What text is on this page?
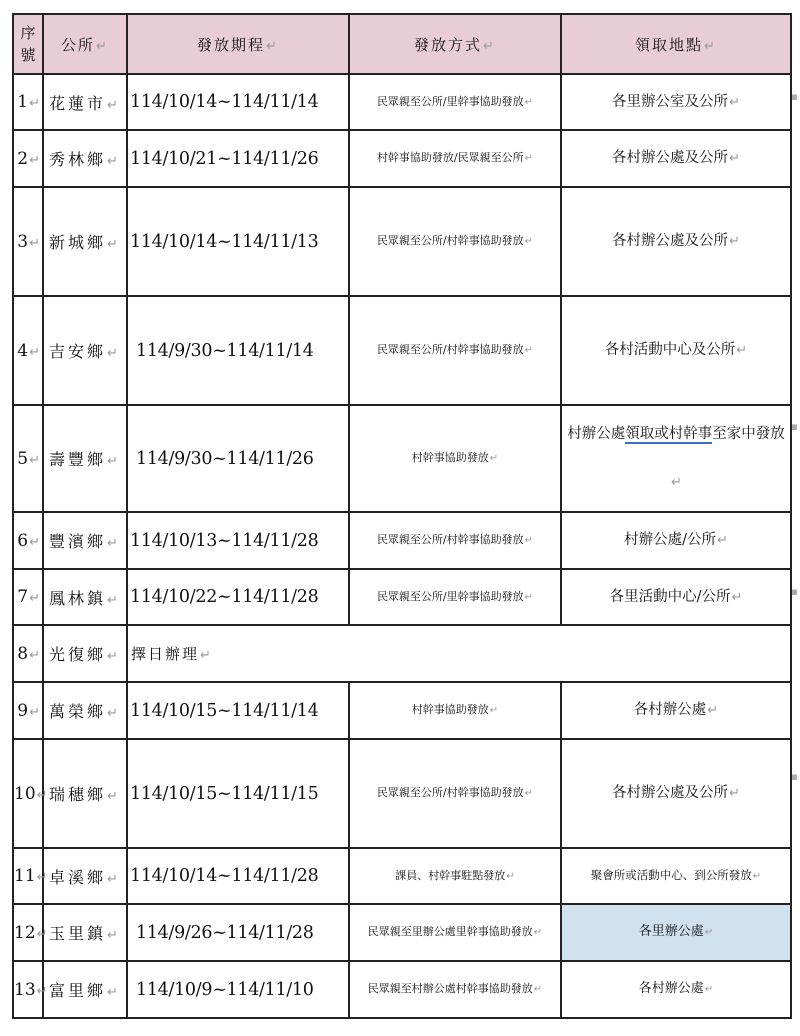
▪
▪
▪
▪
序號	公所↵	發放期程↵	發放方式↵	領取地點↵
1↵	花蓮市↵	114/10/14~114/11/14	民眾親至公所/里幹事協助發放↵	各里辦公室及公所↵
2↵	秀林鄉↵	114/10/21~114/11/26	村幹事協助發放/民眾親至公所↵	各村辦公處及公所↵
3↵	新城鄉↵	114/10/14~114/11/13	民眾親至公所/村幹事協助發放↵	各村辦公處及公所↵
4↵	吉安鄉↵	114/9/30~114/11/14	民眾親至公所/村幹事協助發放↵	各村活動中心及公所↵
5↵	壽豐鄉↵	114/9/30~114/11/26	村幹事協助發放↵	村辦公處領取或村幹事至家中發放↵
6↵	豐濱鄉↵	114/10/13~114/11/28	民眾親至公所/村幹事協助發放↵	村辦公處/公所↵
7↵	鳳林鎮↵	114/10/22~114/11/28	民眾親至公所/里幹事協助發放↵	各里活動中心/公所↵
8↵	光復鄉↵	擇日辦理↵		
9↵	萬榮鄉↵	114/10/15~114/11/14	村幹事協助發放↵	各村辦公處↵
10↵	瑞穗鄉↵	114/10/15~114/11/15	民眾親至公所/村幹事協助發放↵	各村辦公處及公所↵
11↵	卓溪鄉↵	114/10/14~114/11/28	課員、村幹事駐點發放↵	聚會所或活動中心、到公所發放↵
12↵	玉里鎮↵	114/9/26~114/11/28	民眾親至里辦公處里幹事協助發放↵	各里辦公處↵
13↵	富里鄉↵	114/10/9~114/11/10	民眾親至村辦公處村幹事協助發放↵	各村辦公處↵
